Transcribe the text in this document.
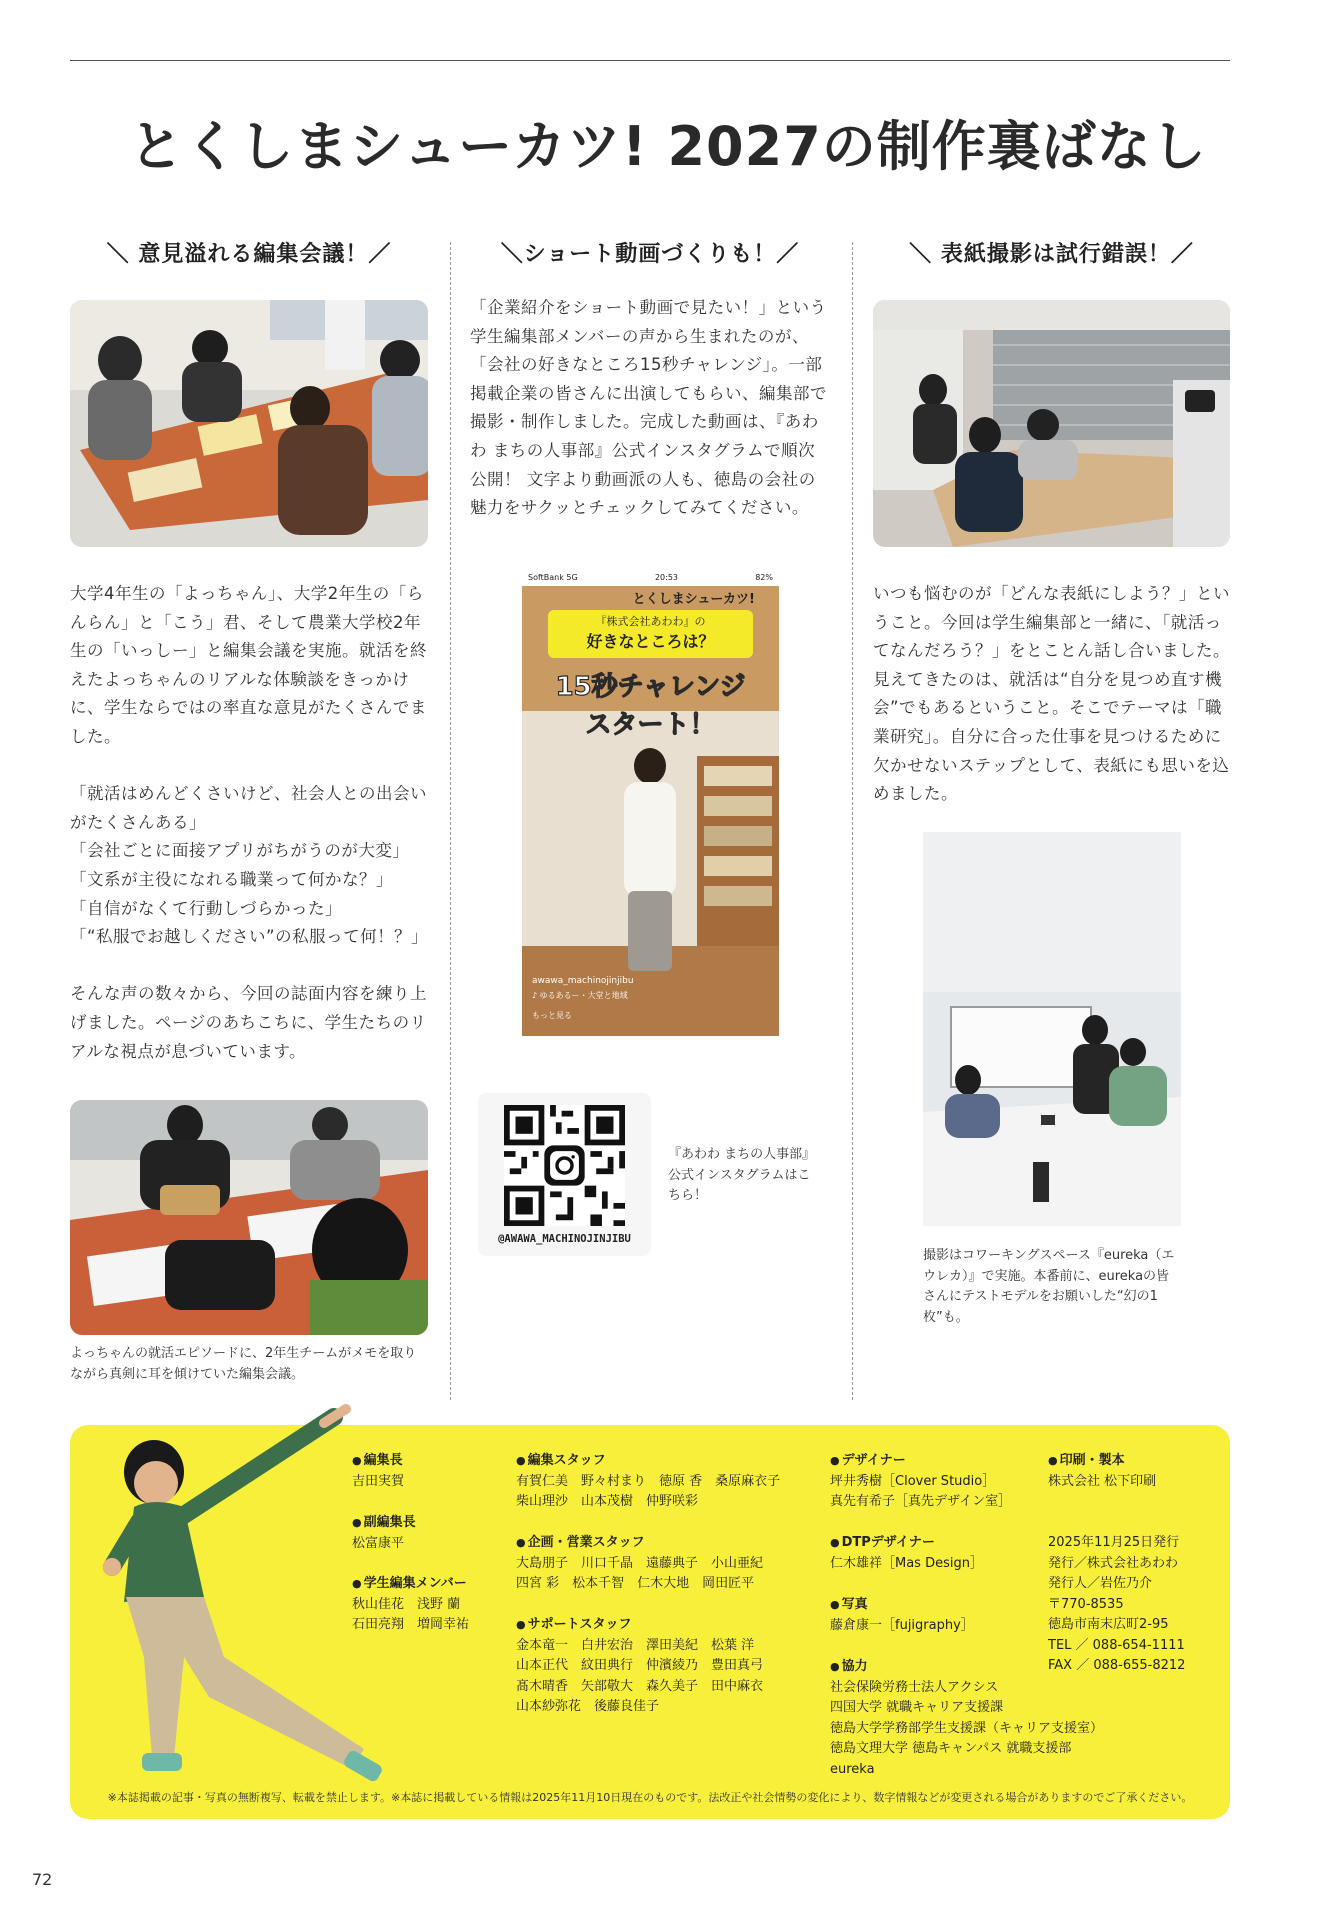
とくしまシューカツ! 2027の制作裏ばなし
＼ 意見溢れる編集会議！／

大学4年生の「よっちゃん」、大学2年生の「らんらん」と「こう」君、そして農業大学校2年生の「いっしー」と編集会議を実施。就活を終えたよっちゃんのリアルな体験談をきっかけに、学生ならではの率直な意見がたくさんでました。

「就活はめんどくさいけど、社会人との出会いがたくさんある」

「会社ごとに面接アプリがちがうのが大変」

「文系が主役になれる職業って何かな？」

「自信がなくて行動しづらかった」

「“私服でお越しください”の私服って何！？」

そんな声の数々から、今回の誌面内容を練り上げました。ページのあちこちに、学生たちのリアルな視点が息づいています。

よっちゃんの就活エピソードに、2年生チームがメモを取りながら真剣に耳を傾けていた編集会議。
＼ショート動画づくりも！／
「企業紹介をショート動画で見たい！」という学生編集部メンバーの声から生まれたのが、「会社の好きなところ15秒チャレンジ」。一部掲載企業の皆さんに出演してもらい、編集部で撮影・制作しました。完成した動画は、『あわわ まちの人事部』公式インスタグラムで順次公開！ 文字より動画派の人も、徳島の会社の魅力をサクッとチェックしてみてください。
SoftBank 5G	20:53	82%
とくしまシューカツ!
『株式会社あわわ』の
好きなところは？
15秒チャレンジ
スタート！
awawa_machinojinjibu
♪ ゆるあるー・大堂と地域
もっと見る
@AWAWA_MACHINOJINJIBU
『あわわ まちの人事部』公式インスタグラムはこちら！
＼ 表紙撮影は試行錯誤！／
いつも悩むのが「どんな表紙にしよう？」ということ。今回は学生編集部と一緒に、「就活ってなんだろう？」をとことん話し合いました。見えてきたのは、就活は“自分を見つめ直す機会”でもあるということ。そこでテーマは「職業研究」。自分に合った仕事を見つけるために欠かせないステップとして、表紙にも思いを込めました。
撮影はコワーキングスペース『eureka（エウレカ）』で実施。本番前に、eurekaの皆さんにテストモデルをお願いした“幻の1枚”も。
● 編集長
吉田実賀
● 副編集長
松富康平
● 学生編集メンバー
秋山佳花　浅野 蘭
石田亮翔　増岡幸祐
● 編集スタッフ
有賀仁美　野々村まり　徳原 香　桑原麻衣子
柴山理沙　山本茂樹　仲野咲彩
● 企画・営業スタッフ
大島朋子　川口千晶　遠藤典子　小山亜紀
四宮 彩　松本千智　仁木大地　岡田匠平
● サポートスタッフ
金本竜一　白井宏治　澤田美紀　松葉 洋
山本正代　紋田典行　仲濱綾乃　豊田真弓
髙木晴香　矢部敬大　森久美子　田中麻衣
山本紗弥花　後藤良佳子
● デザイナー
坪井秀樹［Clover Studio］
真先有希子［真先デザイン室］
● DTPデザイナー
仁木雄祥［Mas Design］
● 写真
藤倉康一［fujigraphy］
● 協力
社会保険労務士法人アクシス
四国大学 就職キャリア支援課
徳島大学学務部学生支援課（キャリア支援室）
徳島文理大学 徳島キャンパス 就職支援部
eureka
● 印刷・製本
株式会社 松下印刷
2025年11月25日発行
発行／株式会社あわわ
発行人／岩佐乃介
〒770-8535
徳島市南末広町2-95
TEL ／ 088-654-1111
FAX ／ 088-655-8212
※本誌掲載の記事・写真の無断複写、転載を禁止します。※本誌に掲載している情報は2025年11月10日現在のものです。法改正や社会情勢の変化により、数字情報などが変更される場合がありますのでご了承ください。
72
